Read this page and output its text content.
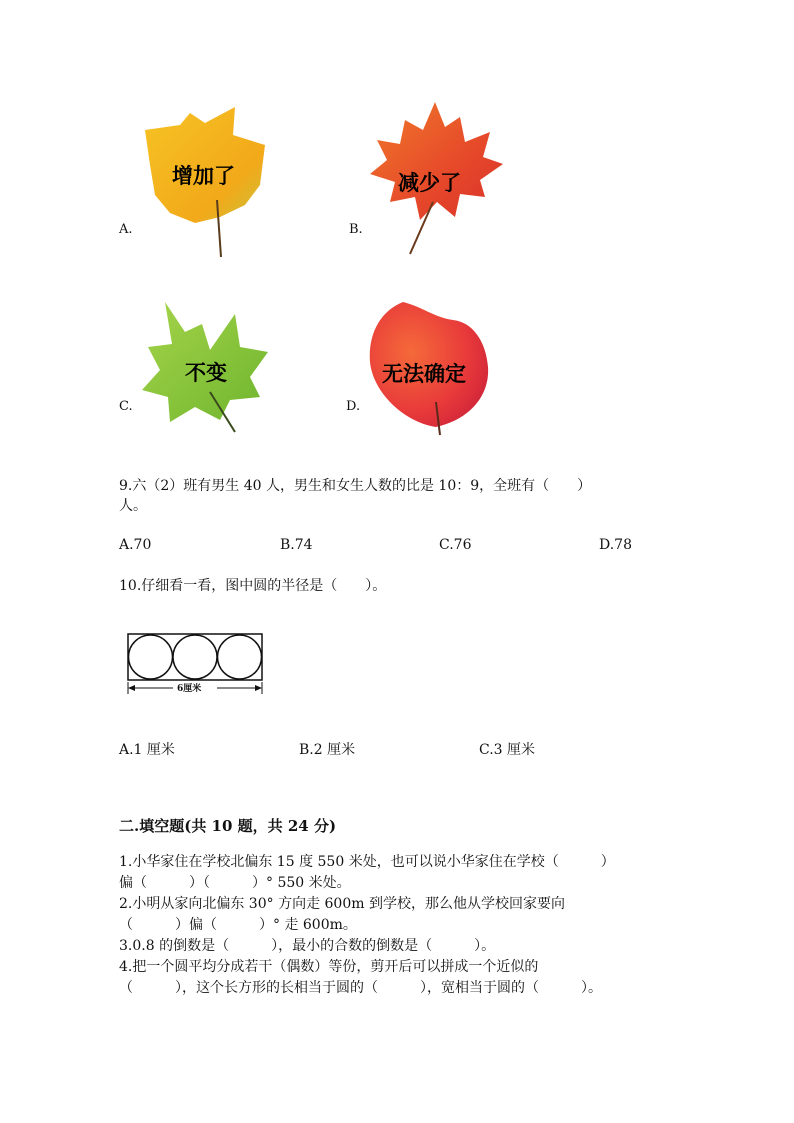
增加了
A.
减少了
B.
不变
C.
无法确定
D.
9.六（2）班有男生 40 人，男生和女生人数的比是 10：9，全班有（　　）
人。
A.70	B.74	C.76	D.78
10.仔细看一看，图中圆的半径是（　　）。
6厘米
A.1 厘米	B.2 厘米	C.3 厘米
二.填空题(共 10 题，共 24 分)
1.小华家住在学校北偏东 15 度 550 米处，也可以说小华家住在学校（　　　）
偏（　　　）（　　　）° 550 米处。
2.小明从家向北偏东 30° 方向走 600m 到学校，那么他从学校回家要向
（　　　）偏（　　　）° 走 600m。
3.0.8 的倒数是（　　　），最小的合数的倒数是（　　　）。
4.把一个圆平均分成若干（偶数）等份，剪开后可以拼成一个近似的
（　　　），这个长方形的长相当于圆的（　　　），宽相当于圆的（　　　）。
